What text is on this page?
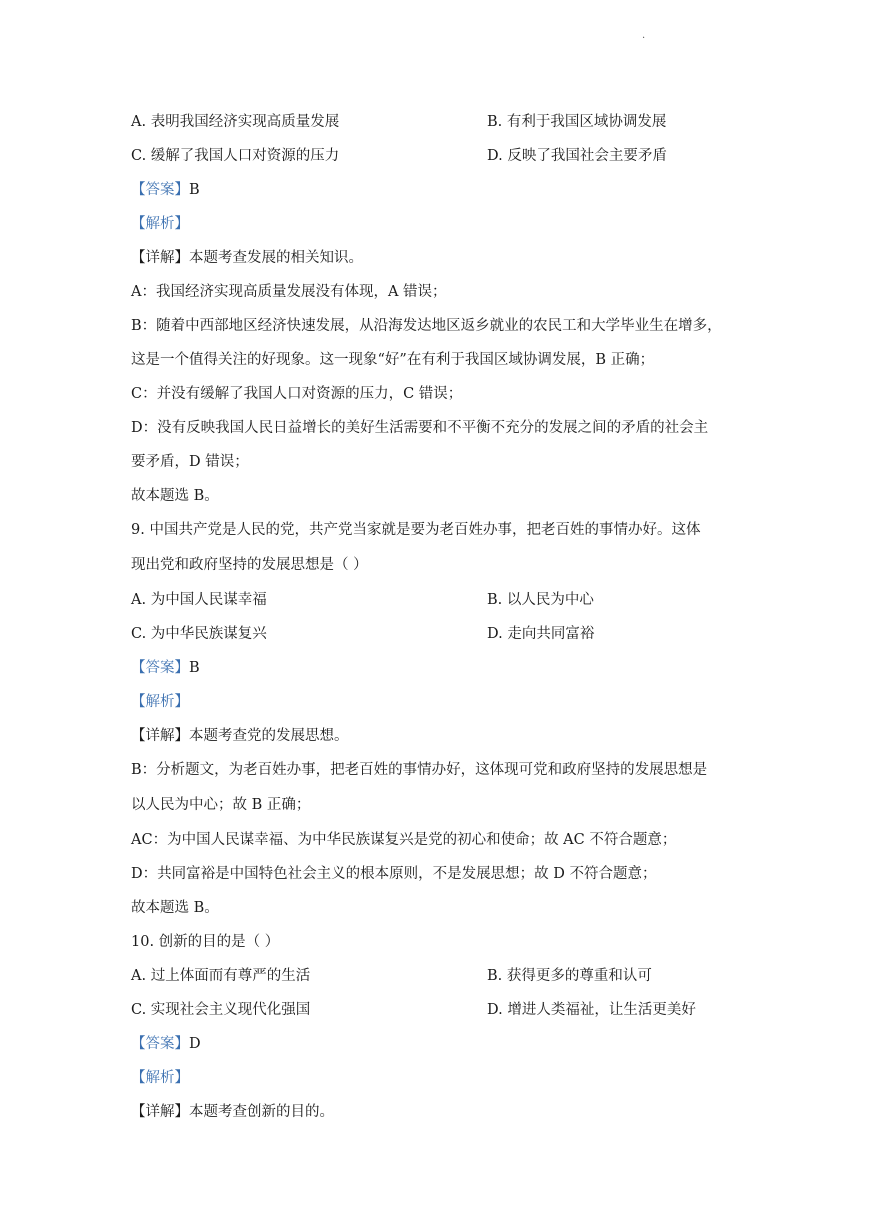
.
A. 表明我国经济实现高质量发展	B. 有利于我国区域协调发展
C. 缓解了我国人口对资源的压力	D. 反映了我国社会主要矛盾
【答案】B
【解析】
【详解】本题考查发展的相关知识。
A：我国经济实现高质量发展没有体现，A 错误；
B：随着中西部地区经济快速发展，从沿海发达地区返乡就业的农民工和大学毕业生在增多，
这是一个值得关注的好现象。这一现象“好”在有利于我国区域协调发展，B 正确；
C：并没有缓解了我国人口对资源的压力，C 错误；
D：没有反映我国人民日益增长的美好生活需要和不平衡不充分的发展之间的矛盾的社会主
要矛盾，D 错误；
故本题选 B。
9. 中国共产党是人民的党，共产党当家就是要为老百姓办事，把老百姓的事情办好。这体
现出党和政府坚持的发展思想是（ ）
A. 为中国人民谋幸福	B. 以人民为中心
C. 为中华民族谋复兴	D. 走向共同富裕
【答案】B
【解析】
【详解】本题考查党的发展思想。
B：分析题文，为老百姓办事，把老百姓的事情办好，这体现可党和政府坚持的发展思想是
以人民为中心；故 B 正确；
AC：为中国人民谋幸福、为中华民族谋复兴是党的初心和使命；故 AC 不符合题意；
D：共同富裕是中国特色社会主义的根本原则，不是发展思想；故 D 不符合题意；
故本题选 B。
10. 创新的目的是（ ）
A. 过上体面而有尊严的生活	B. 获得更多的尊重和认可
C. 实现社会主义现代化强国	D. 增进人类福祉，让生活更美好
【答案】D
【解析】
【详解】本题考查创新的目的。
